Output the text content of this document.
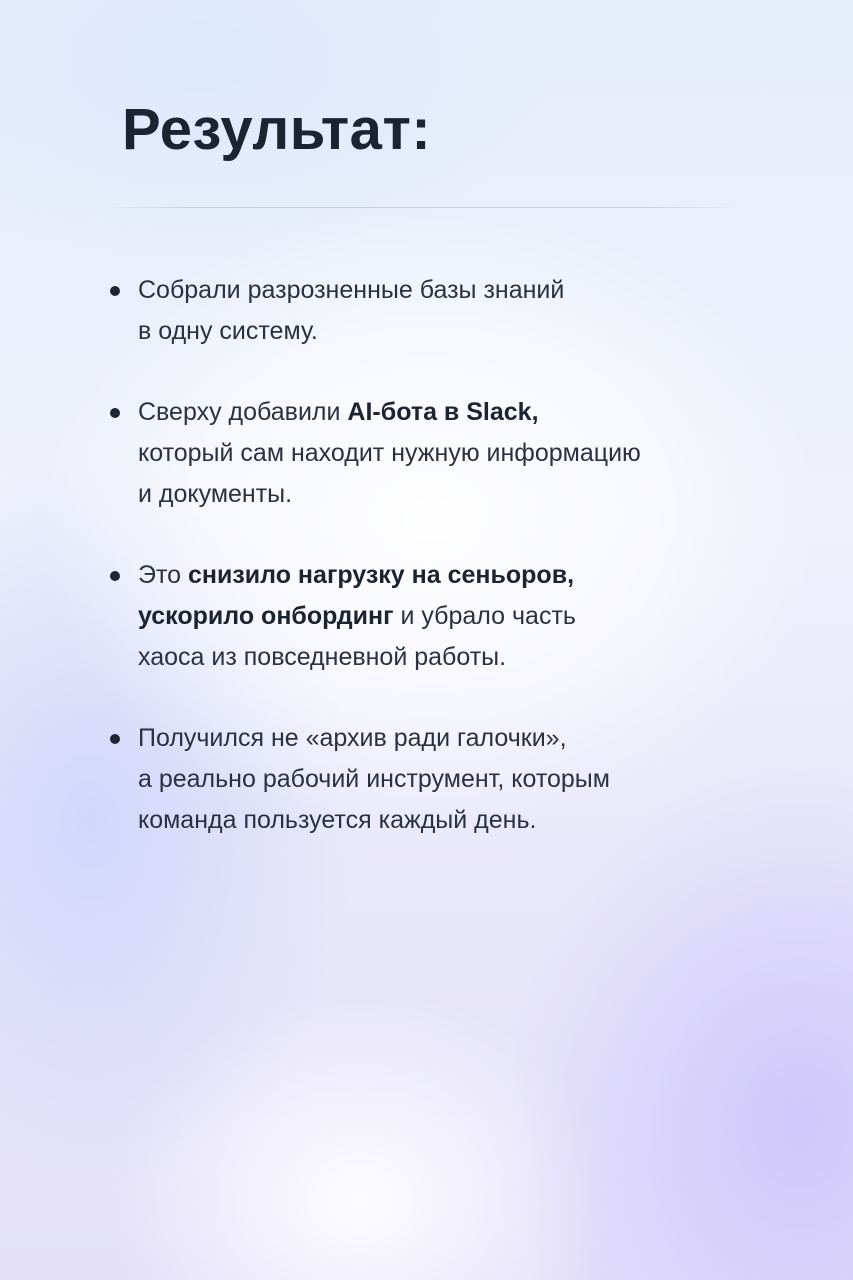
Результат:
Собрали разрозненные базы знаний
в одну систему.
Сверху добавили AI-бота в Slack,
который сам находит нужную информацию
и документы.
Это снизило нагрузку на сеньоров,
ускорило онбординг и убрало часть
хаоса из повседневной работы.
Получился не «архив ради галочки»,
а реально рабочий инструмент, которым
команда пользуется каждый день.
